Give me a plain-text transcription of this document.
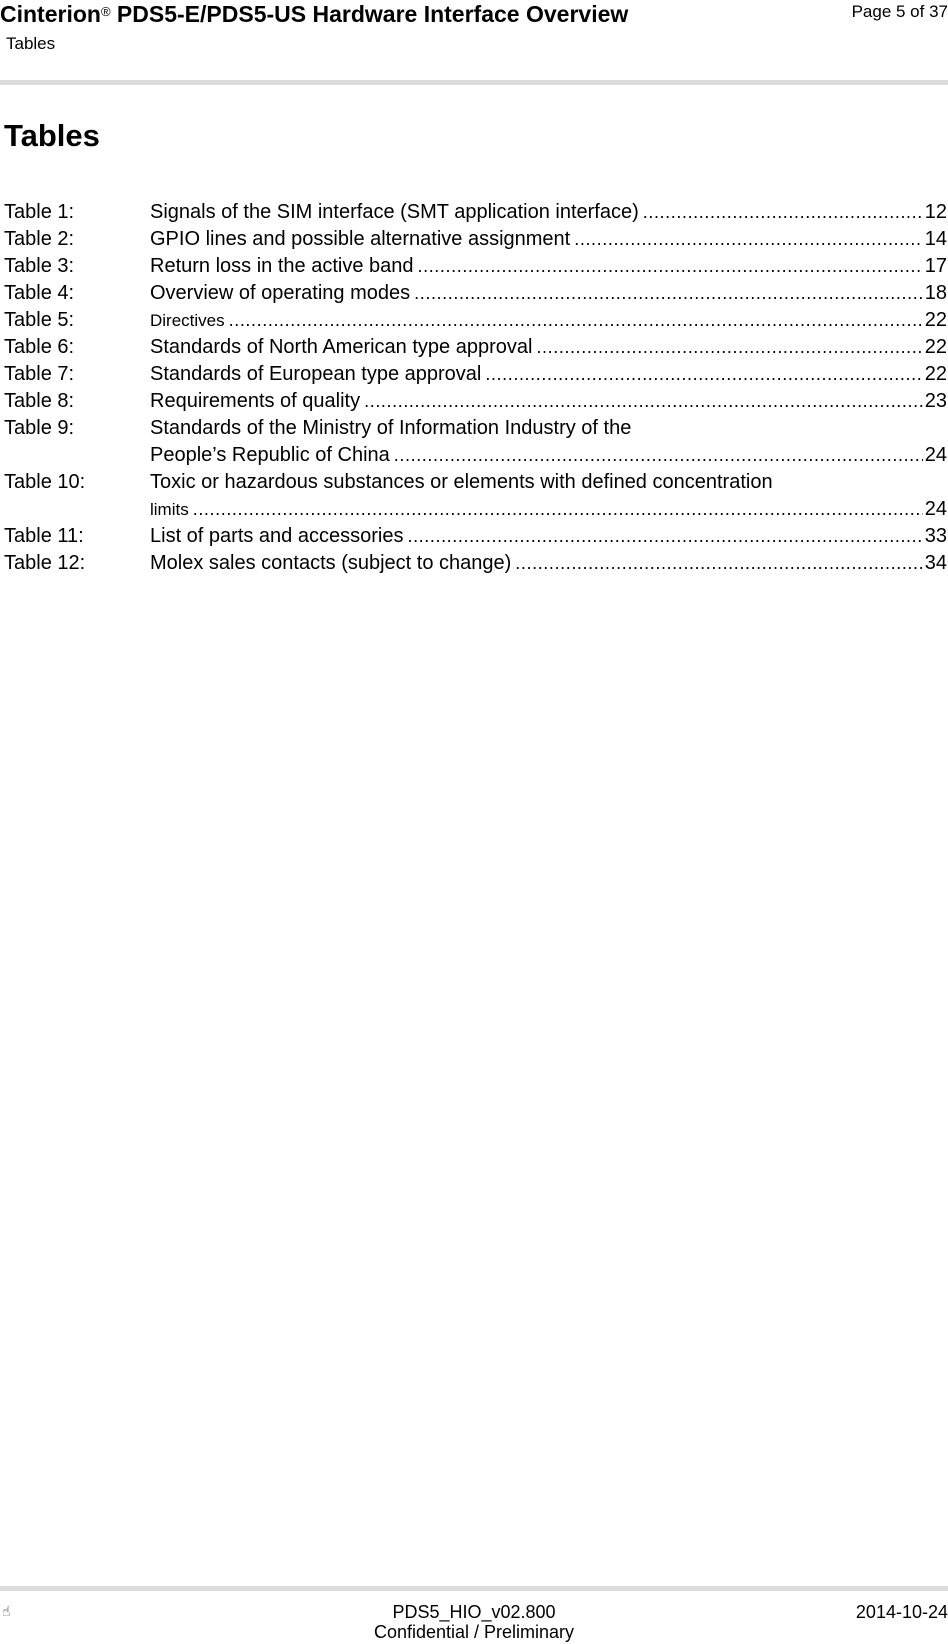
Cinterion® PDS5-E/PDS5-US Hardware Interface Overview	Page 5 of 37
Tables
Tables
Table 1:	Signals of the SIM interface (SMT application interface) . . .	12
Table 2:	GPIO lines and possible alternative assignment . . .	14
Table 3:	Return loss in the active band . . .	17
Table 4:	Overview of operating modes . . .	18
Table 5:	Directives . . .	22
Table 6:	Standards of North American type approval . . .	22
Table 7:	Standards of European type approval . . .	22
Table 8:	Requirements of quality . . .	23
Table 9:	Standards of the Ministry of Information Industry of the
People’s Republic of China . . .	24
Table 10:	Toxic or hazardous substances or elements with defined concentration
limits . . .	24
Table 11:	List of parts and accessories . . .	33
Table 12:	Molex sales contacts (subject to change) . . .	34
☝	PDS5_HIO_v02.800
Confidential / Preliminary
2014-10-24
